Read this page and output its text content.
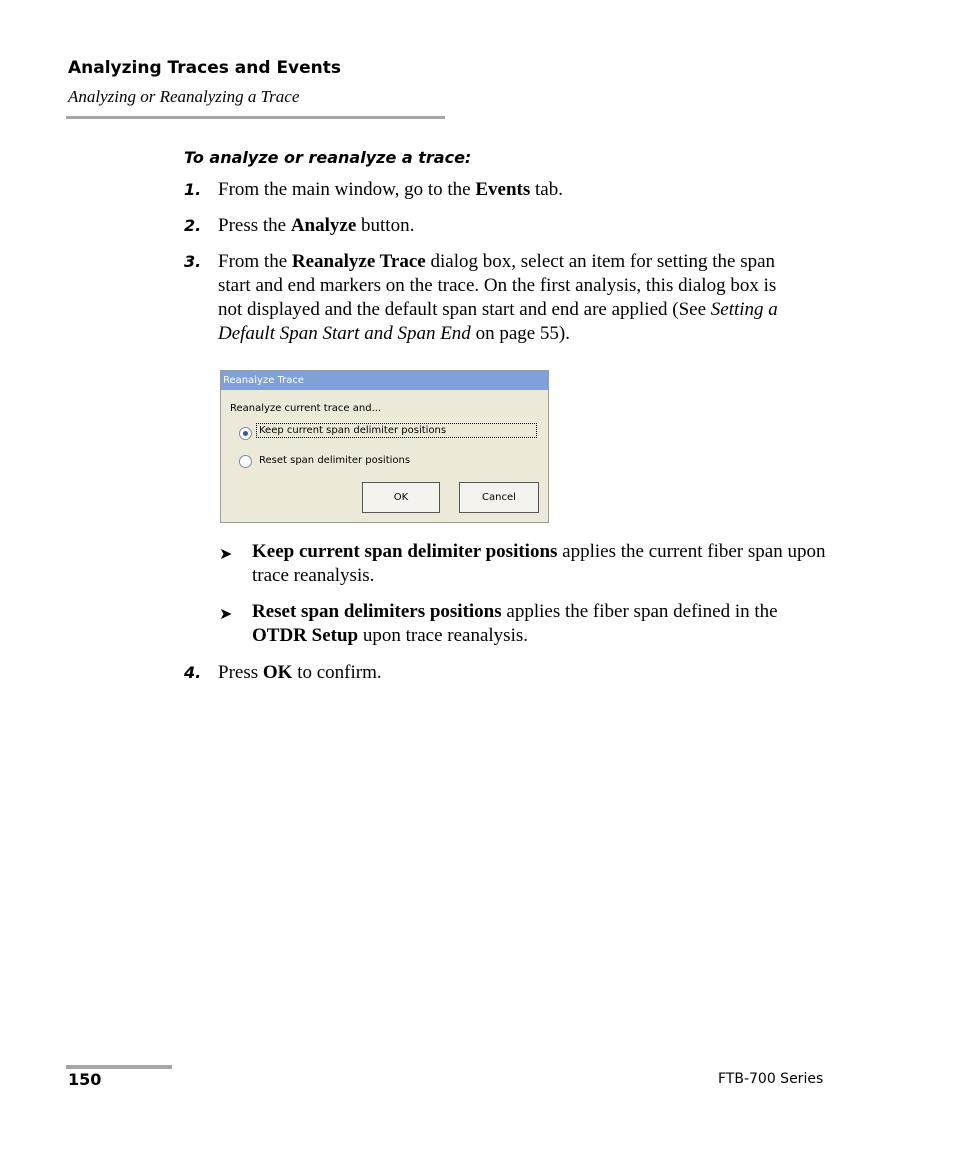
Analyzing Traces and Events
Analyzing or Reanalyzing a Trace
To analyze or reanalyze a trace:
1. From the main window, go to the Events tab.
2. Press the Analyze button.
3. From the Reanalyze Trace dialog box, select an item for setting the span start and end markers on the trace. On the first analysis, this dialog box is not displayed and the default span start and end are applied (See Setting a Default Span Start and Span End on page 55).
Reanalyze Trace
Reanalyze current trace and...
Keep current span delimiter positions
Reset span delimiter positions
OK	Cancel
➤ Keep current span delimiter positions applies the current fiber span upon trace reanalysis.
➤ Reset span delimiters positions applies the fiber span defined in the OTDR Setup upon trace reanalysis.
4. Press OK to confirm.
150	FTB-700 Series
